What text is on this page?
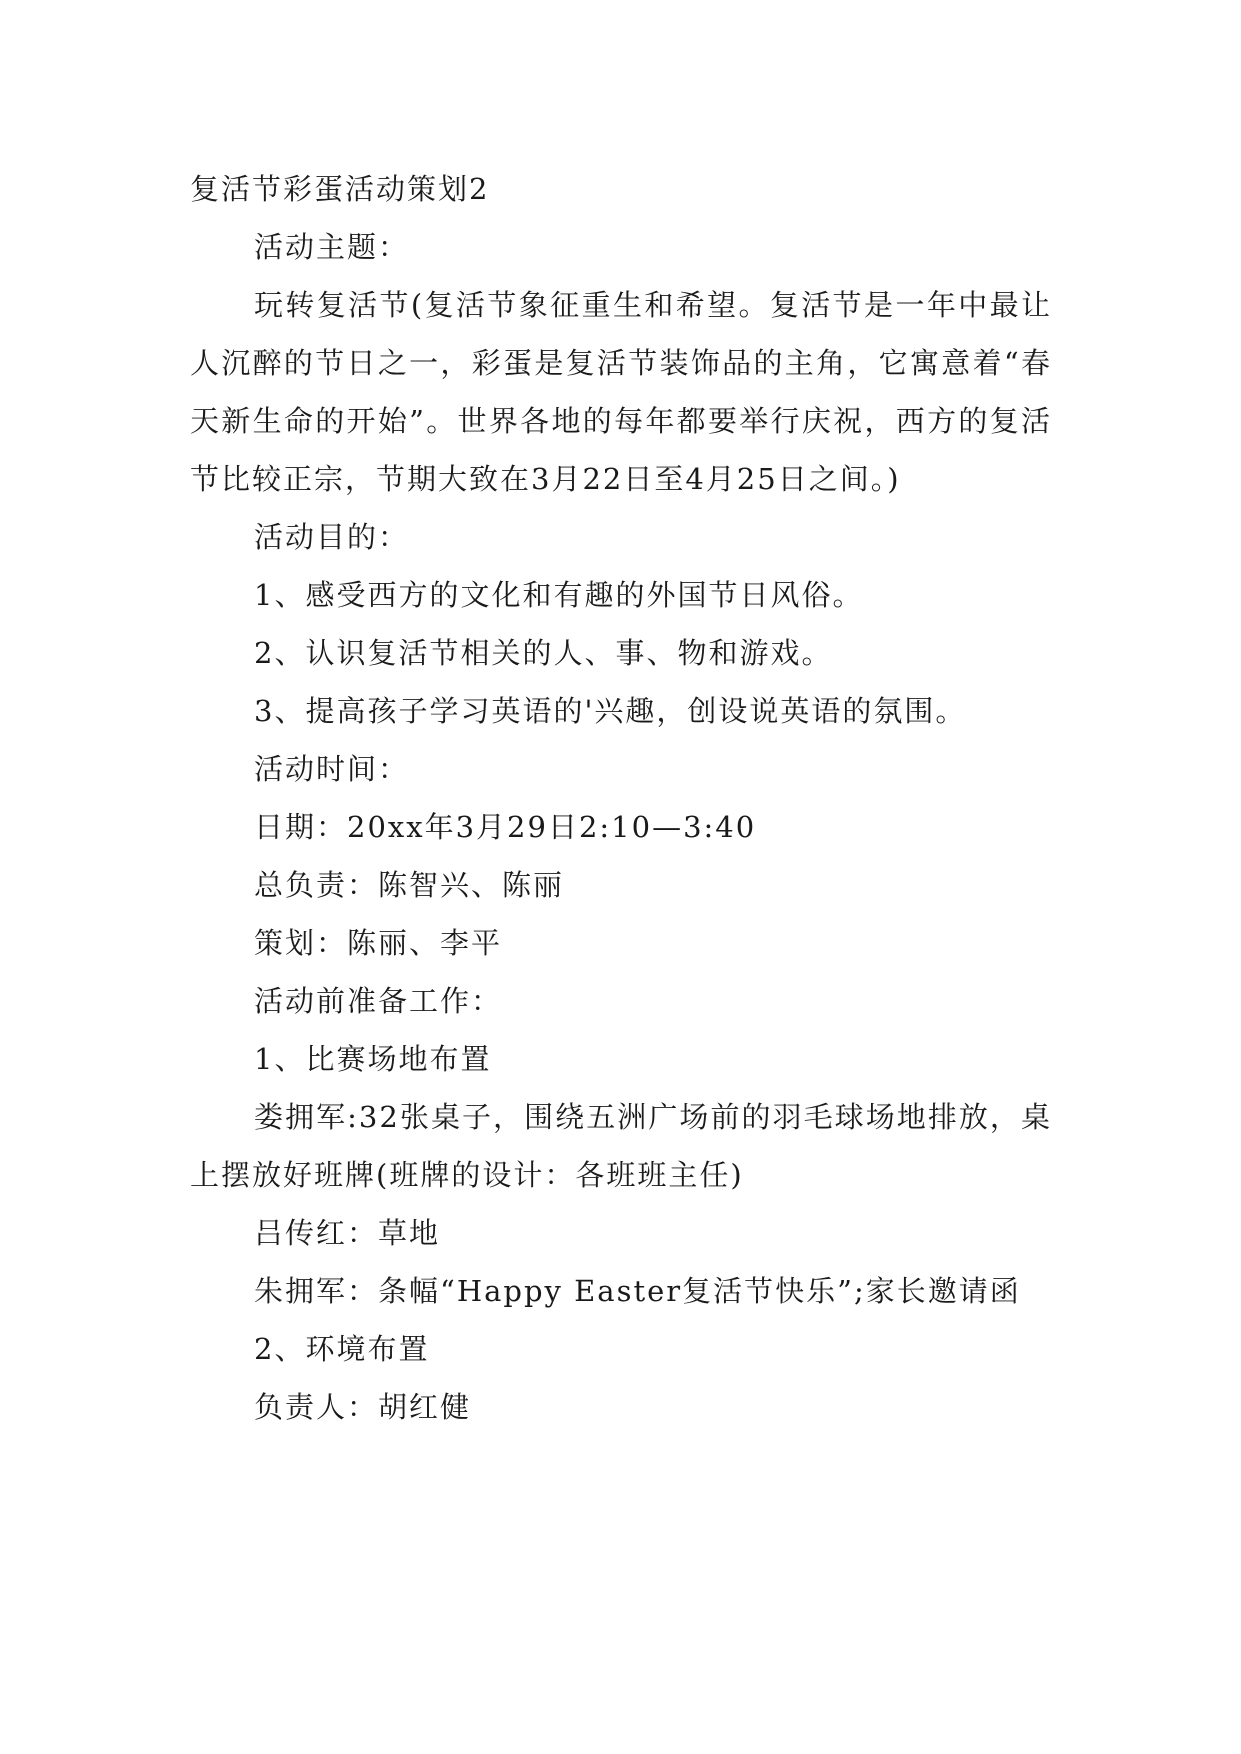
复活节彩蛋活动策划2

活动主题：

玩转复活节(复活节象征重生和希望。复活节是一年中最让人沉醉的节日之一，彩蛋是复活节装饰品的主角，它寓意着“春天新生命的开始”。世界各地的每年都要举行庆祝，西方的复活节比较正宗，节期大致在3月22日至4月25日之间。)

活动目的：

1、感受西方的文化和有趣的外国节日风俗。

2、认识复活节相关的人、事、物和游戏。

3、提高孩子学习英语的'兴趣，创设说英语的氛围。

活动时间：

日期：20xx年3月29日2:10—3:40

总负责：陈智兴、陈丽

策划：陈丽、李平

活动前准备工作：

1、比赛场地布置

娄拥军:32张桌子，围绕五洲广场前的羽毛球场地排放，桌上摆放好班牌(班牌的设计：各班班主任)

吕传红：草地

朱拥军：条幅“Happy Easter复活节快乐”;家长邀请函

2、环境布置

负责人：胡红健
